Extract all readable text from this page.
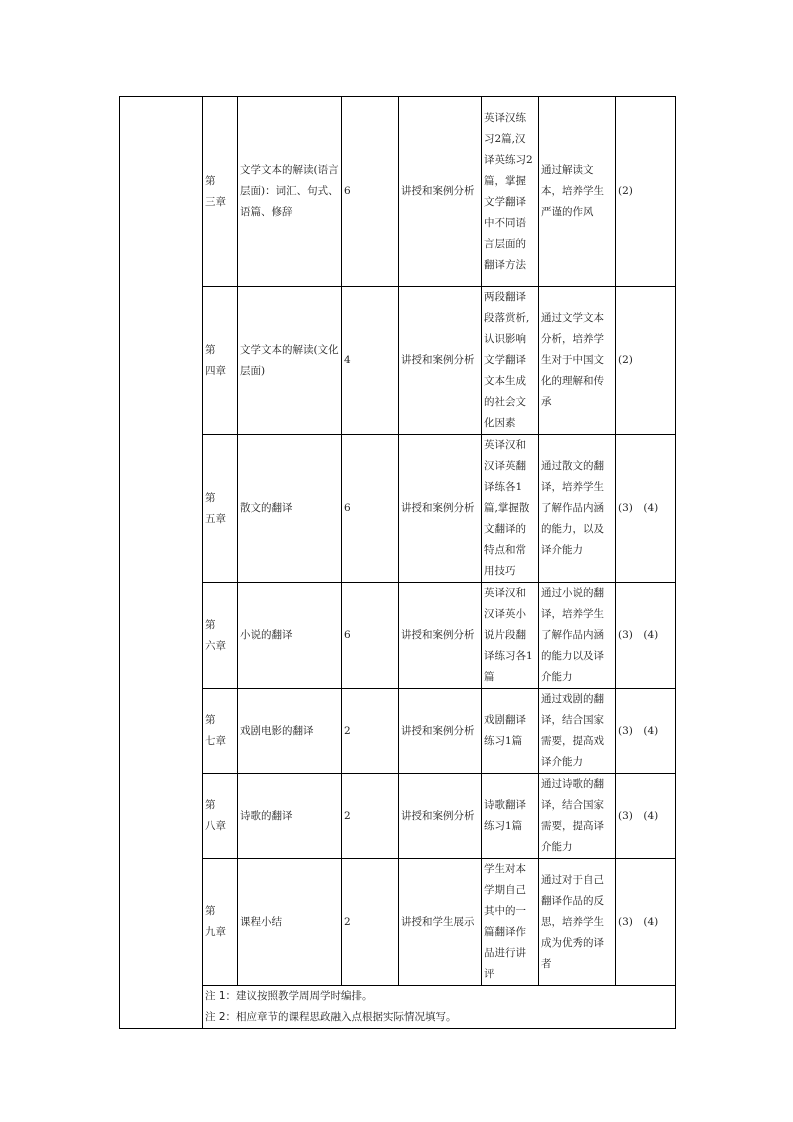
	第　三章	文学文本的解读(语言层面)：词汇、句式、语篇、修辞	6	讲授和案例分析	英译汉练习2篇,汉译英练习2篇，掌握文学翻译中不同语言层面的翻译方法	通过解读文本，培养学生严谨的作风	(2)
	第　四章	文学文本的解读(文化层面)	4	讲授和案例分析	两段翻译段落赏析,认识影响文学翻译文本生成的社会文化因素	通过文学文本分析，培养学生对于中国文化的理解和传承	(2)
	第　五章	散文的翻译	6	讲授和案例分析	英译汉和汉译英翻译练各1篇,掌握散文翻译的特点和常用技巧	通过散文的翻译，培养学生了解作品内涵的能力，以及译介能力	(3)　(4)
	第　六章	小说的翻译	6	讲授和案例分析	英译汉和汉译英小说片段翻译练习各1篇	通过小说的翻译，培养学生了解作品内涵的能力以及译介能力	(3)　(4)
	第　七章	戏剧电影的翻译	2	讲授和案例分析	戏剧翻译练习1篇	通过戏剧的翻译，结合国家需要，提高戏译介能力	(3)　(4)
	第　八章	诗歌的翻译	2	讲授和案例分析	诗歌翻译练习1篇	通过诗歌的翻译，结合国家需要，提高译介能力	(3)　(4)
	第　九章	课程小结	2	讲授和学生展示	学生对本学期自己其中的一篇翻译作品进行讲评	通过对于自己翻译作品的反思，培养学生成为优秀的译者	(3)　(4)

	注 1：建议按照教学周周学时编排。
注 2：相应章节的课程思政融入点根据实际情况填写。						
